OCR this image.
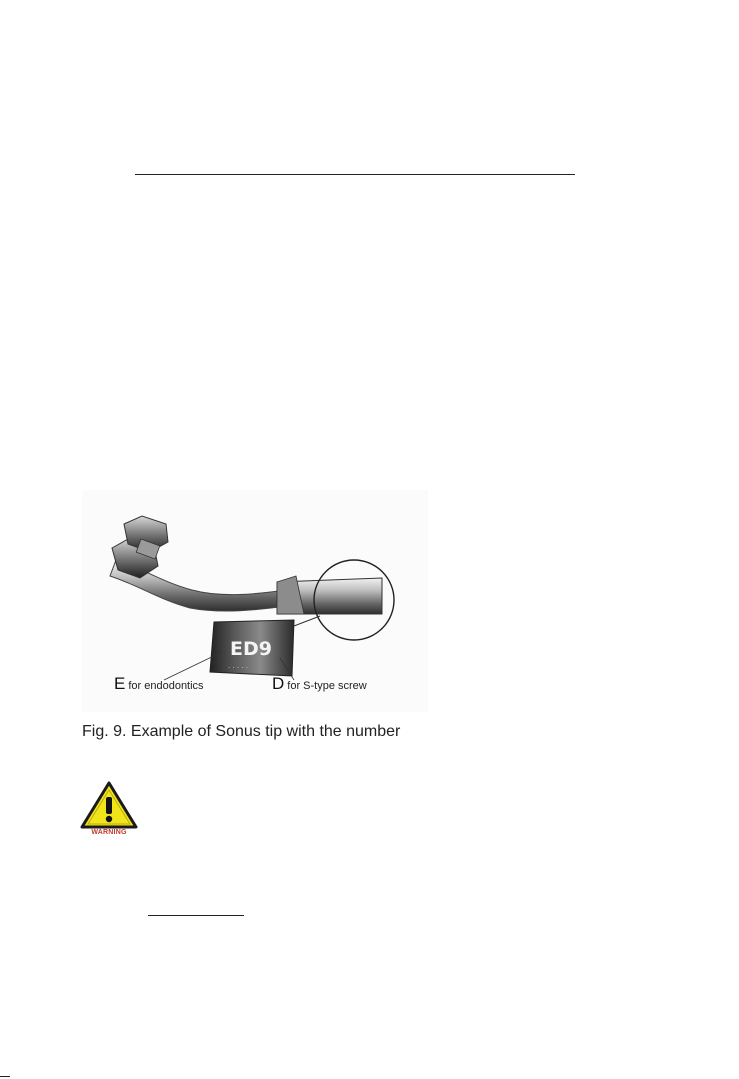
ED9
· · · · ·
Efor endodontics	Dfor S-type screw
Fig. 9. Example of Sonus tip with the number
WARNING
